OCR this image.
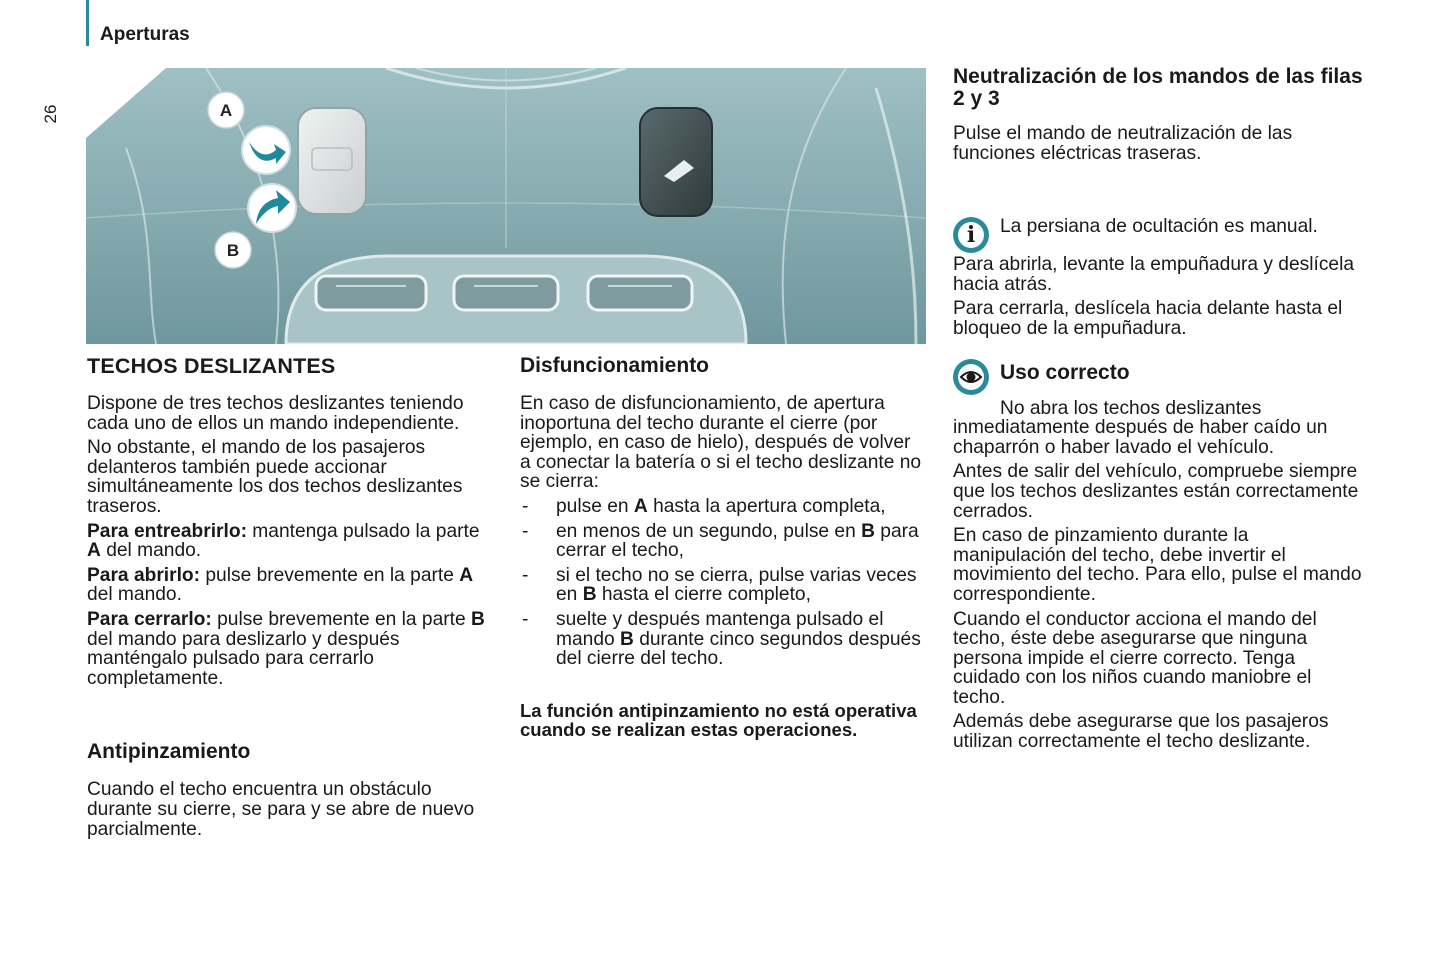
Aperturas
26	A
B
TECHOS DESLIZANTES

Dispone de tres techos deslizantes teniendo cada uno de ellos un mando independiente.

No obstante, el mando de los pasajeros delanteros también puede accionar simultáneamente los dos techos deslizantes traseros.

Para entreabrirlo: mantenga pulsado la parte A del mando.

Para abrirlo: pulse brevemente en la parte A del mando.

Para cerrarlo: pulse brevemente en la parte B del mando para deslizarlo y después manténgalo pulsado para cerrarlo completamente.

Antipinzamiento

Cuando el techo encuentra un obstáculo durante su cierre, se para y se abre de nuevo parcialmente.

Disfuncionamiento

En caso de disfuncionamiento, de apertura inoportuna del techo durante el cierre (por ejemplo, en caso de hielo), después de volver a conectar la batería o si el techo deslizante no se cierra:

- pulse en A hasta la apertura completa,
- en menos de un segundo, pulse en B para cerrar el techo,
- si el techo no se cierra, pulse varias veces en B hasta el cierre completo,
- suelte y después mantenga pulsado el mando B durante cinco segundos después del cierre del techo.

La función antipinzamiento no está operativa cuando se realizan estas operaciones.

Neutralización de los mandos de las filas 2 y 3

Pulse el mando de neutralización de las funciones eléctricas traseras.

i	La persiana de ocultación es manual.

Para abrirla, levante la empuñadura y deslícela hacia atrás.

Para cerrarla, deslícela hacia delante hasta el bloqueo de la empuñadura.

Uso correcto

No abra los techos deslizantes inmediatamente después de haber caído un chaparrón o haber lavado el vehículo.

Antes de salir del vehículo, compruebe siempre que los techos deslizantes están correctamente cerrados.

En caso de pinzamiento durante la manipulación del techo, debe invertir el movimiento del techo. Para ello, pulse el mando correspondiente.

Cuando el conductor acciona el mando del techo, éste debe asegurarse que ninguna persona impide el cierre correcto. Tenga cuidado con los niños cuando maniobre el techo.

Además debe asegurarse que los pasajeros utilizan correctamente el techo deslizante.
